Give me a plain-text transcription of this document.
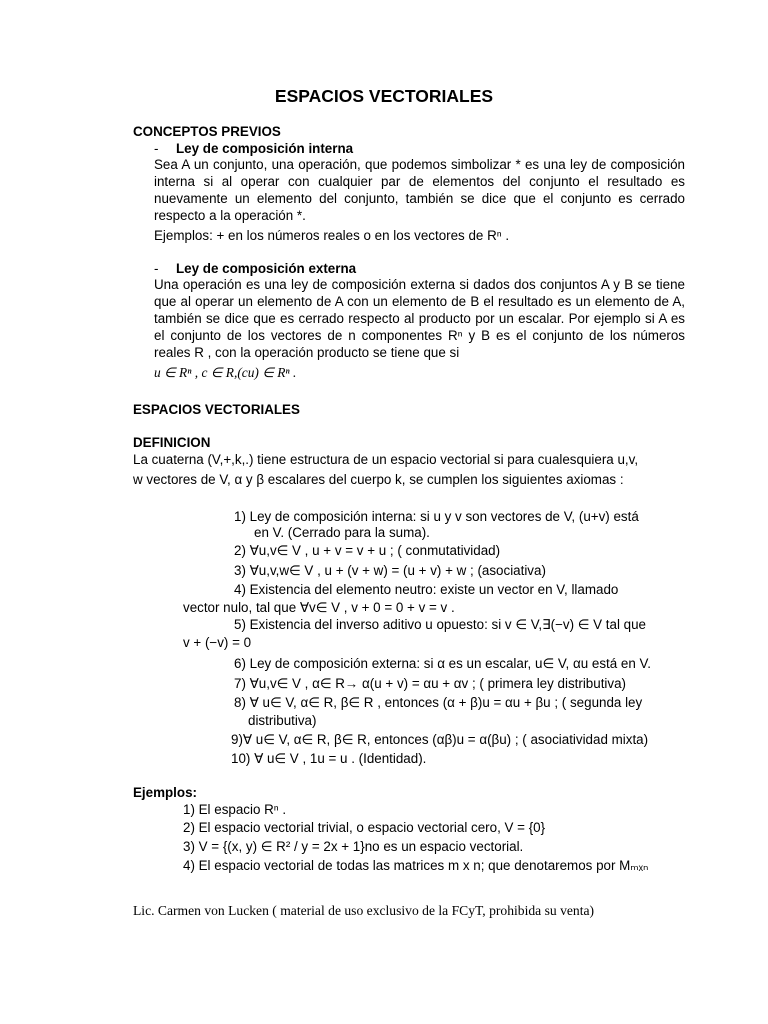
ESPACIOS VECTORIALES
CONCEPTOS PREVIOS
- Ley de composición interna
Sea A un conjunto, una operación, que podemos simbolizar * es una ley de composición interna si al operar con cualquier par de elementos del conjunto el resultado es nuevamente un elemento del conjunto, también se dice que el conjunto es cerrado respecto a la operación *.
Ejemplos: + en los números reales o en los vectores de Rⁿ .
- Ley de composición externa
Una operación es una ley de composición externa si dados dos conjuntos A y B se tiene que al operar un elemento de A con un elemento de B el resultado es un elemento de A, también se dice que es cerrado respecto al producto por un escalar. Por ejemplo si A es el conjunto de los vectores de n componentes Rⁿ y B es el conjunto de los números reales R , con la operación producto se tiene que si
u ∈ Rⁿ , c ∈ R,(cu) ∈ Rⁿ .
ESPACIOS VECTORIALES
DEFINICION
La cuaterna (V,+,k,.) tiene estructura de un espacio vectorial si para cualesquiera u,v,
w vectores de V, α y β escalares del cuerpo k, se cumplen los siguientes axiomas :
1) Ley de composición interna: si u y v son vectores de V, (u+v) está
en V. (Cerrado para la suma).
2) ∀u,v∈ V , u + v = v + u ; ( conmutatividad)
3) ∀u,v,w∈ V , u + (v + w) = (u + v) + w ; (asociativa)
4) Existencia del elemento neutro: existe un vector en V, llamado
vector nulo, tal que ∀v∈ V , v + 0 = 0 + v = v .
5) Existencia del inverso aditivo u opuesto: si v ∈ V,∃(−v) ∈ V tal que
v + (−v) = 0
6) Ley de composición externa: si α es un escalar, u∈ V, αu está en V.
7) ∀u,v∈ V , α∈ R→ α(u + v) = αu + αv ; ( primera ley distributiva)
8) ∀ u∈ V, α∈ R, β∈ R , entonces (α + β)u = αu + βu ; ( segunda ley
distributiva)
9)∀ u∈ V, α∈ R, β∈ R, entonces (αβ)u = α(βu) ; ( asociatividad mixta)
10) ∀ u∈ V , 1u = u . (Identidad).
Ejemplos:
1) El espacio Rⁿ .
2) El espacio vectorial trivial, o espacio vectorial cero, V = {0}
3) V = {(x, y) ∈ R² / y = 2x + 1}no es un espacio vectorial.
4) El espacio vectorial de todas las matrices m x n; que denotaremos por Mₘₓₙ
Lic. Carmen von Lucken ( material de uso exclusivo de la FCyT, prohibida su venta)
